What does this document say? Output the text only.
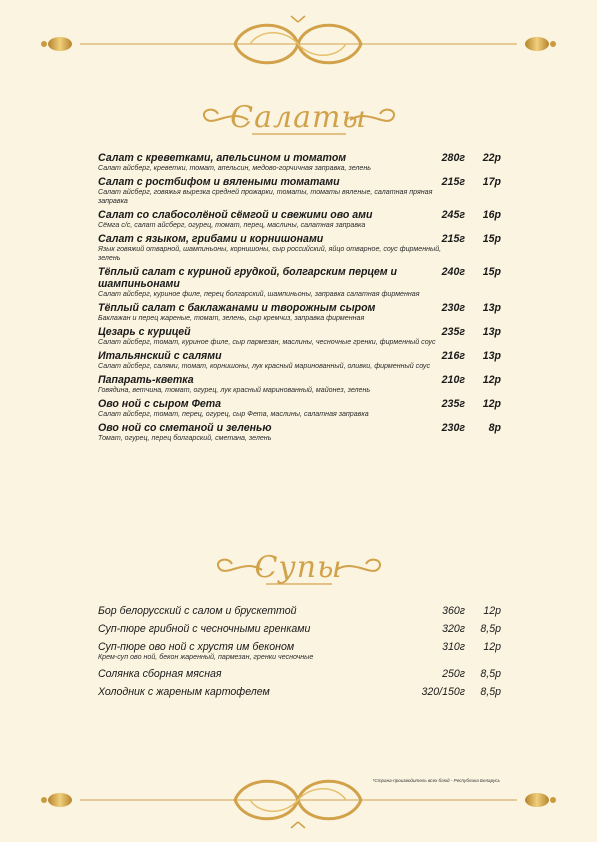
Салаты
Салат с креветками, апельсином и томатом
Салат айсберг, креветки, томат, апельсин, медово-горчичная заправка, зелень
280г	22р
Салат с ростбифом и вялеными томатами
Салат айсберг, говяжья вырезка средней прожарки, томаты, томаты вяленые, салатная пряная заправка
215г	17р
Салат со слабосолёной сёмгой и свежими ово ами
Сёмга с/с, салат айсберг, огурец, томат, перец, маслины, салатная заправка
245г	16р
Салат с языком, грибами и корнишонами
Язык говяжий отварной, шампиньоны, корнишоны, сыр российский, яйцо отварное, соус фирменный, зелень
215г	15р
Тёплый салат с куриной грудкой, болгарским перцем и шампиньонами
Салат айсберг, куриное филе, перец болгарский, шампиньоны, заправка салатная фирменная
240г	15р
Тёплый салат с баклажанами и творожным сыром
Баклажан и перец жареные, томат, зелень, сыр кремчиз, заправка фирменная
230г	13р
Цезарь с курицей
Салат айсберг, томат, куриное филе, сыр пармезан, маслины, чесночные гренки, фирменный соус
235г	13р
Итальянский с салями
Салат айсберг, салями, томат, корнишоны, лук красный маринованный, оливки, фирменный соус
216г	13р
Папарать-кветка
Говядина, ветчина, томат, огурец, лук красный маринованный, майонез, зелень
210г	12р
Ово ной с сыром Фета
Салат айсберг, томат, перец, огурец, сыр Фета, маслины, салатная заправка
235г	12р
Ово ной со сметаной и зеленью
Томат, огурец, перец болгарский, сметана, зелень
230г	8р
Супы
Бор белорусский с салом и брускеттой	360г	12р
Суп-пюре грибной с чесночными гренками	320г	8,5р
Суп-пюре ово ной с хрустя им беконом
Крем-суп ово ной, бекон жаренный, пармезан, гренки чесночные
310г	12р
Солянка сборная мясная	250г	8,5р
Холодник с жареным картофелем	320/150г	8,5р
*Страна-производитель всех блюд - Республика Беларусь
